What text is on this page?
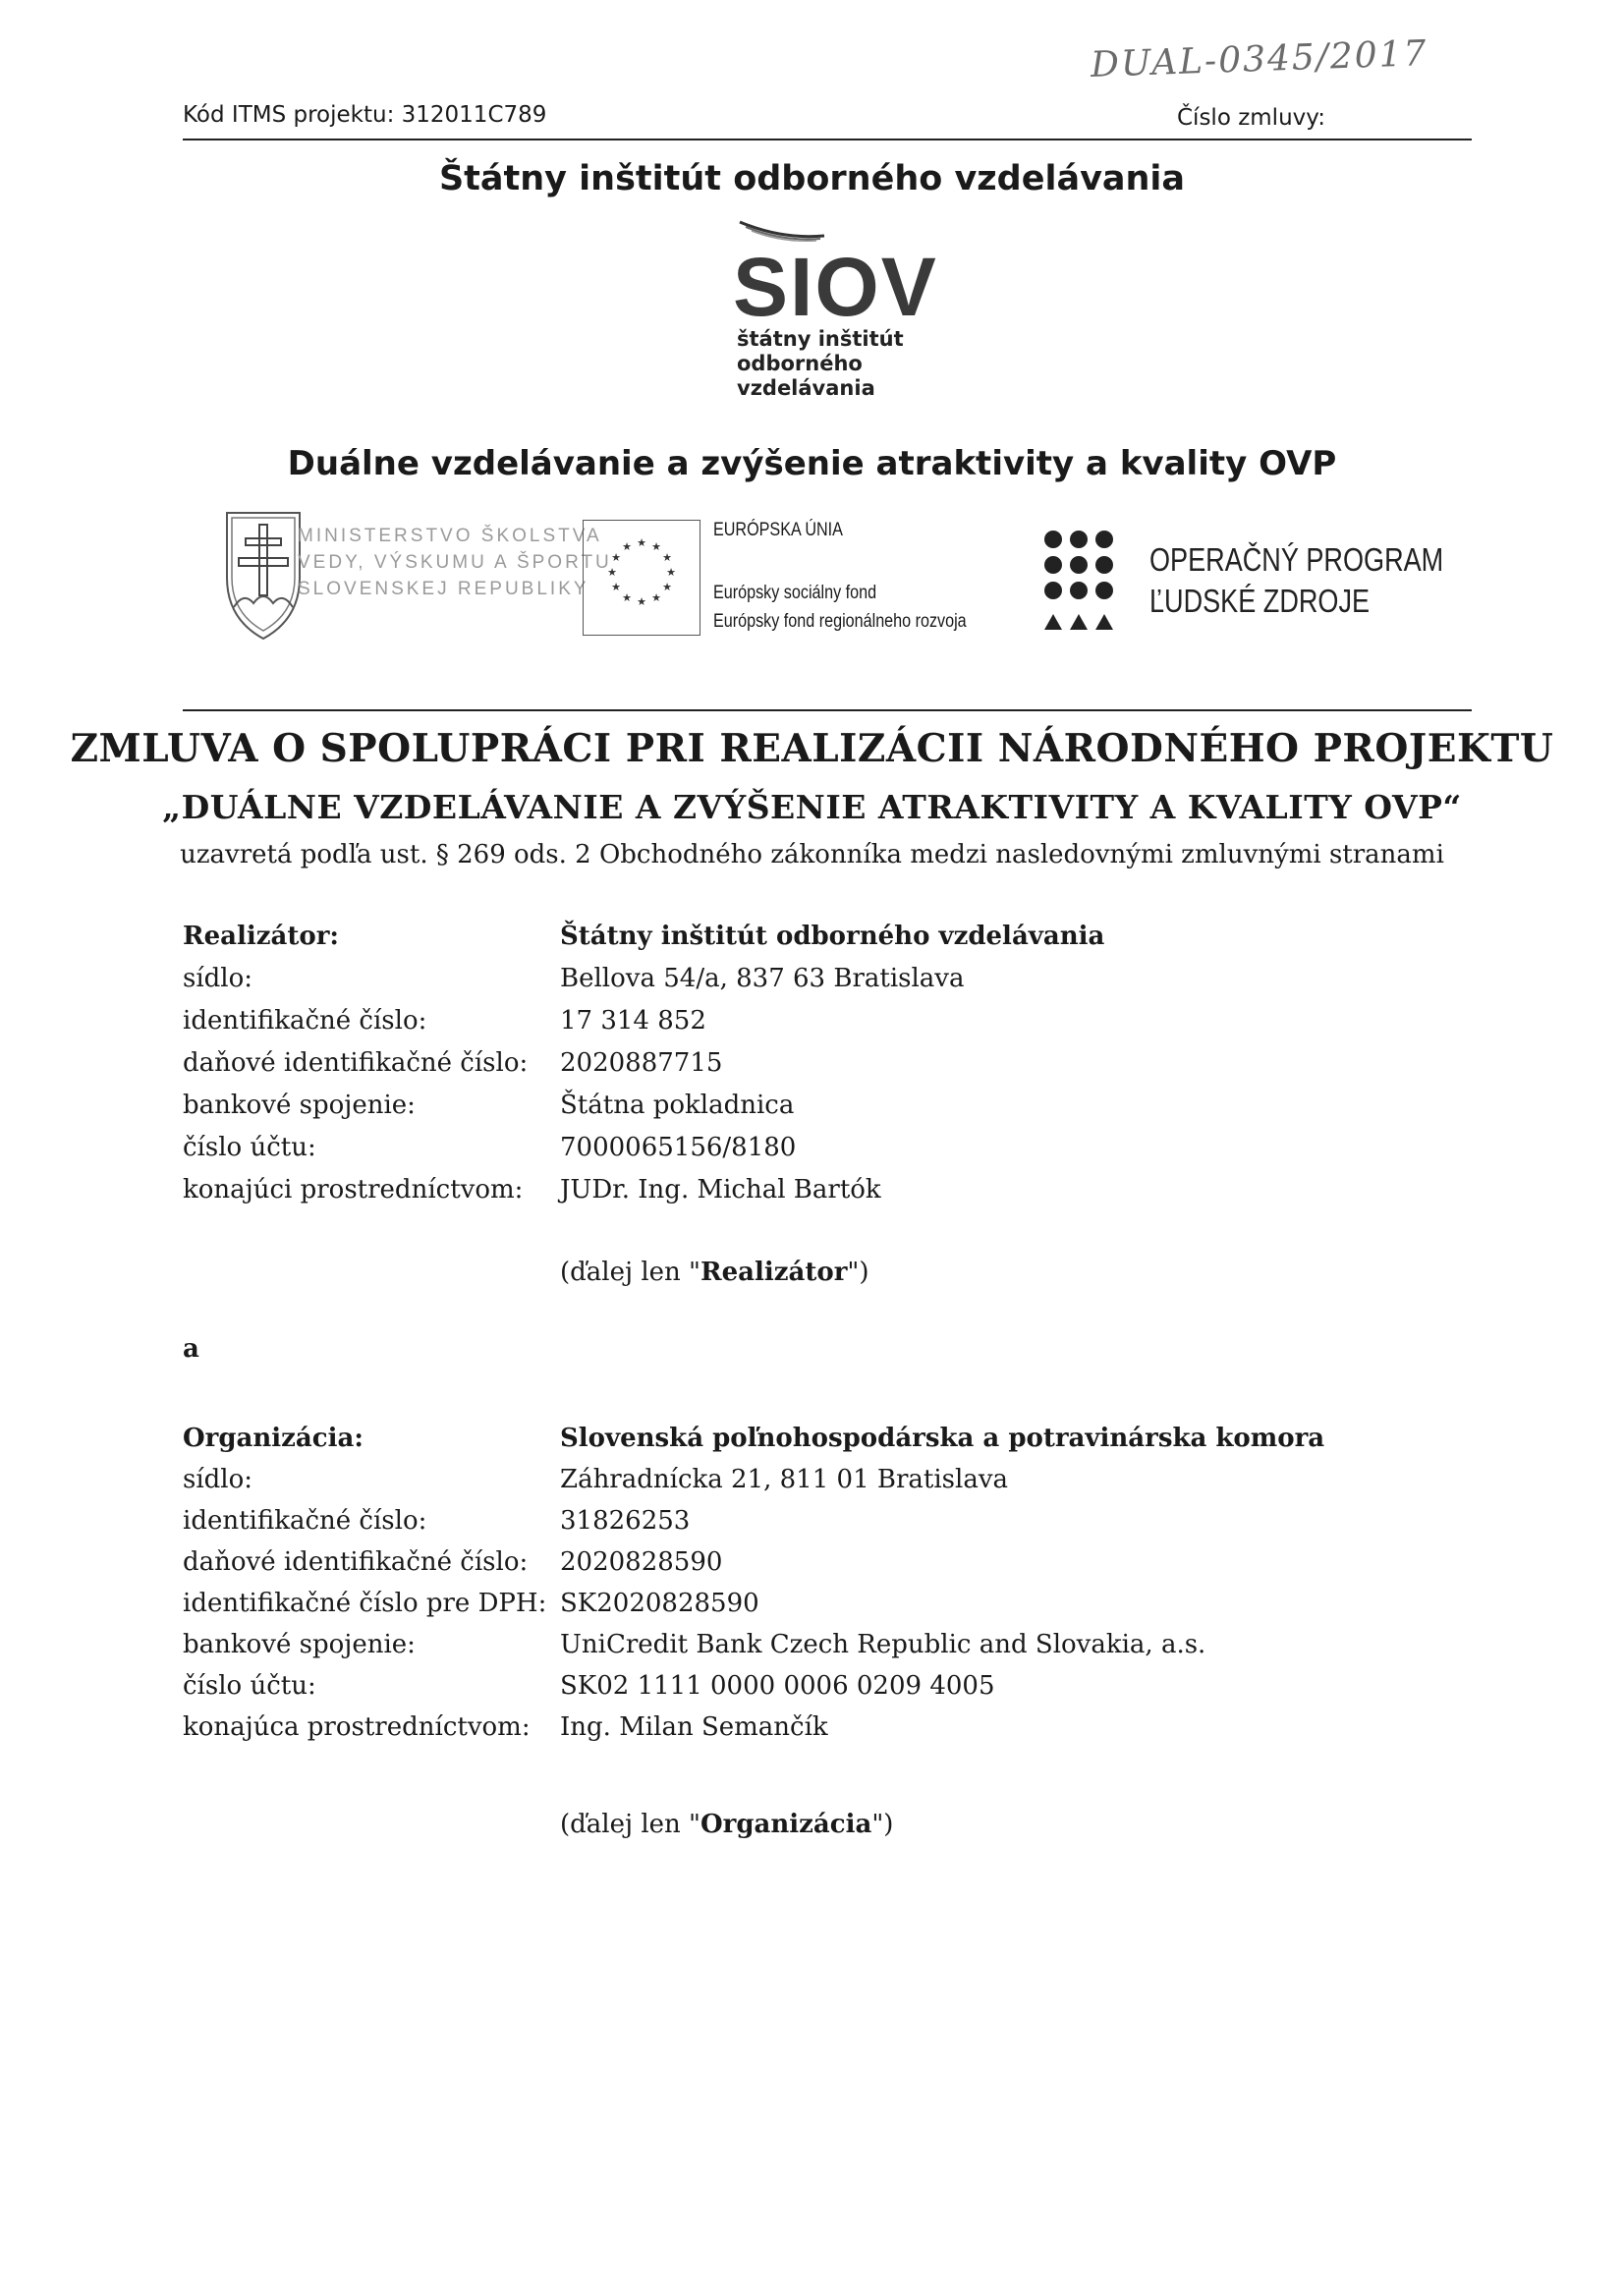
DUAL-0345/2017
Kód ITMS projektu: 312011C789	Číslo zmluvy:
Štátny inštitút odborného vzdelávania
SIOV
štátny inštitút
odborného
vzdelávania
Duálne vzdelávanie a zvýšenie atraktivity a kvality OVP
MINISTERSTVO ŠKOLSTVA
VEDY, VÝSKUMU A ŠPORTU
SLOVENSKEJ REPUBLIKY
★ ★
★
★
★
★
★
★
★
★
★
★
EURÓPSKA ÚNIA
Európsky sociálny fond
Európsky fond regionálneho rozvoja
OPERAČNÝ PROGRAM
ĽUDSKÉ ZDROJE
ZMLUVA O SPOLUPRÁCI PRI REALIZÁCII NÁRODNÉHO PROJEKTU
„DUÁLNE VZDELÁVANIE A ZVÝŠENIE ATRAKTIVITY A KVALITY OVP“
uzavretá podľa ust. § 269 ods. 2 Obchodného zákonníka medzi nasledovnými zmluvnými stranami
Realizátor:	Štátny inštitút odborného vzdelávania
sídlo:	Bellova 54/a, 837 63 Bratislava
identifikačné číslo:	17 314 852
daňové identifikačné číslo: 2020887715
bankové spojenie:	Štátna pokladnica
číslo účtu:	7000065156/8180
konajúci prostredníctvom: JUDr. Ing. Michal Bartók
(ďalej len "Realizátor")
a
Organizácia:	Slovenská poľnohospodárska a potravinárska komora
sídlo:	Záhradnícka 21, 811 01 Bratislava
identifikačné číslo:	31826253
daňové identifikačné číslo: 2020828590
identifikačné číslo pre DPH: SK2020828590
bankové spojenie:	UniCredit Bank Czech Republic and Slovakia, a.s.
číslo účtu:	SK02 1111 0000 0006 0209 4005
konajúca prostredníctvom: Ing. Milan Semančík
(ďalej len "Organizácia")
